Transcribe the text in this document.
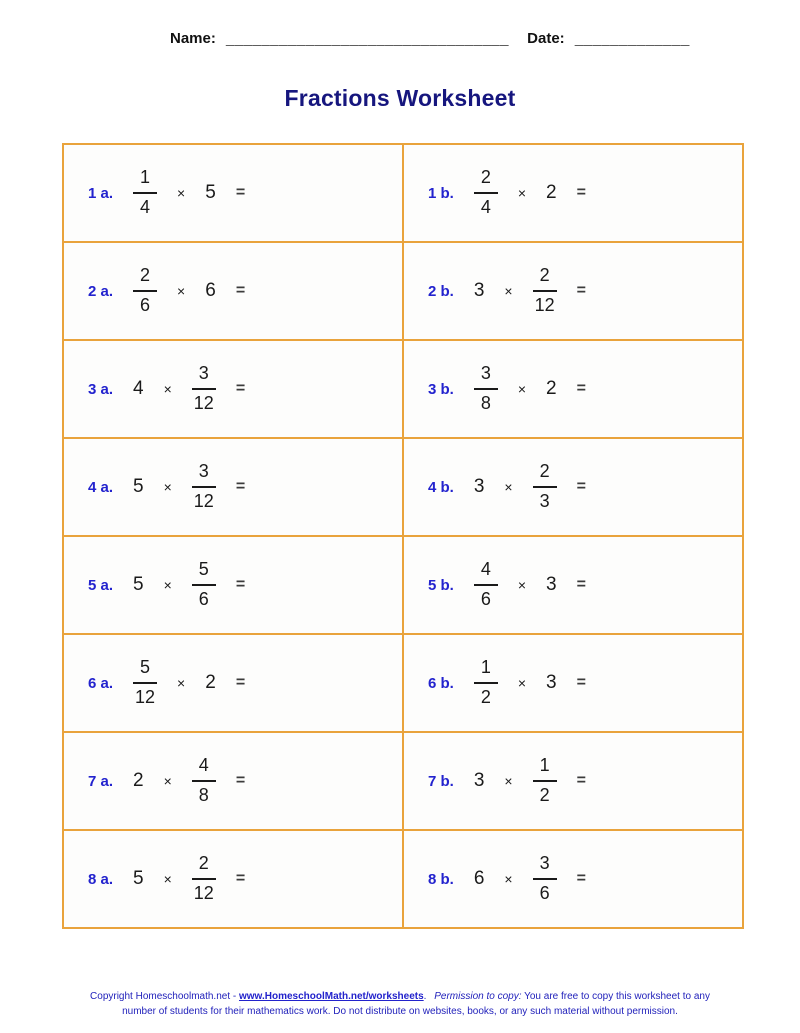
Name: ________________________________ Date: _____________
Fractions Worksheet
1 a. $\frac{1}{4} \times 5$ =	1 b. $\frac{2}{4} \times 2$ =

2 a. $\frac{2}{6} \times 6$ =	2 b. $3 \times \frac{2}{12}$ =

3 a. $4 \times \frac{3}{12}$ =	3 b. $\frac{3}{8} \times 2$ =

4 a. $5 \times \frac{3}{12}$ =	4 b. $3 \times \frac{2}{3}$ =

5 a. $5 \times \frac{5}{6}$ =	5 b. $\frac{4}{6} \times 3$ =

6 a. $\frac{5}{12} \times 2$ =	6 b. $\frac{1}{2} \times 3$ =

7 a. $2 \times \frac{4}{8}$ =	7 b. $3 \times \frac{1}{2}$ =

8 a. $5 \times \frac{2}{12}$ =	8 b. $6 \times \frac{3}{6}$ =

Copyright Homeschoolmath.net - www.HomeschoolMath.net/worksheets. Permission to copy: You are free to copy this worksheet to any number of students for their mathematics work. Do not distribute on websites, books, or any such material without permission.
